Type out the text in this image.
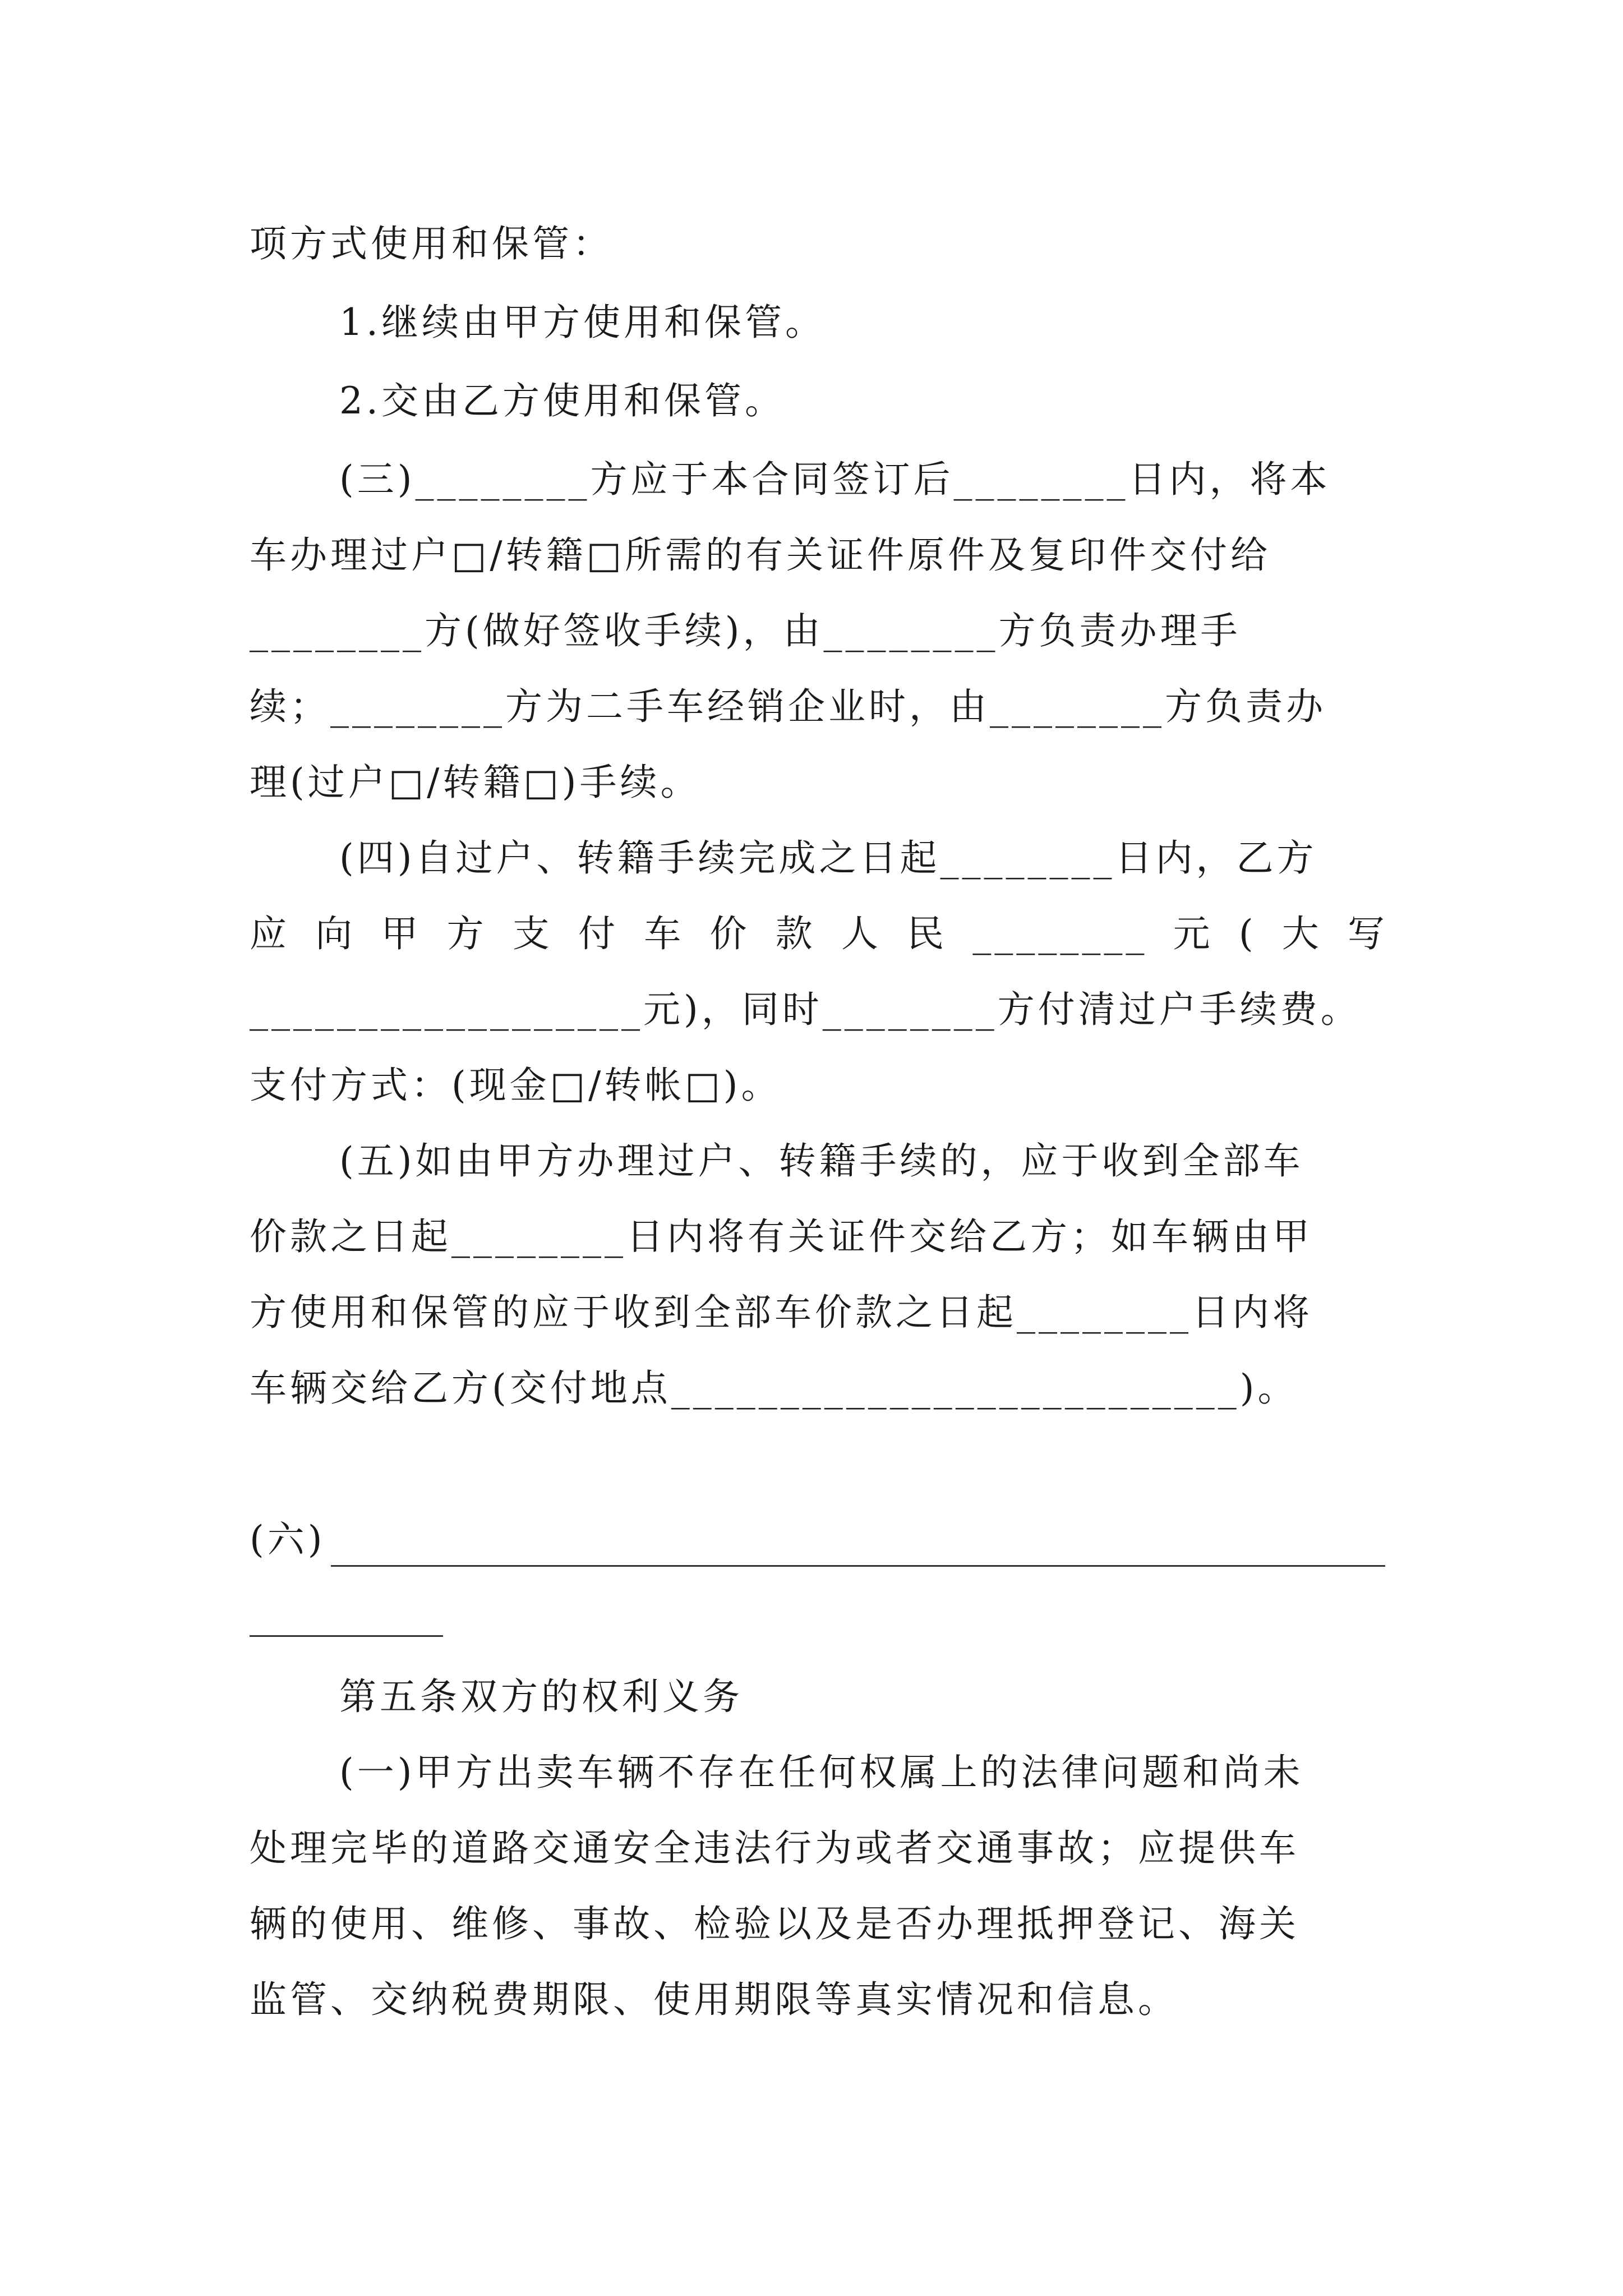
项方式使用和保管：
1.继续由甲方使用和保管。
2.交由乙方使用和保管。
(三)________方应于本合同签订后________日内，将本
车办理过户□/转籍□所需的有关证件原件及复印件交付给
________方(做好签收手续)，由________方负责办理手
续；________方为二手车经销企业时，由________方负责办
理(过户□/转籍□)手续。
(四)自过户、转籍手续完成之日起________日内，乙方
应向甲方支付车价款人民________元(大写
__________________元)，同时________方付清过户手续费。
支付方式：(现金□/转帐□)。
(五)如由甲方办理过户、转籍手续的，应于收到全部车
价款之日起________日内将有关证件交给乙方；如车辆由甲
方使用和保管的应于收到全部车价款之日起________日内将
车辆交给乙方(交付地点__________________________)。
(六)
第五条双方的权利义务
(一)甲方出卖车辆不存在任何权属上的法律问题和尚未
处理完毕的道路交通安全违法行为或者交通事故；应提供车
辆的使用、维修、事故、检验以及是否办理抵押登记、海关
监管、交纳税费期限、使用期限等真实情况和信息。
